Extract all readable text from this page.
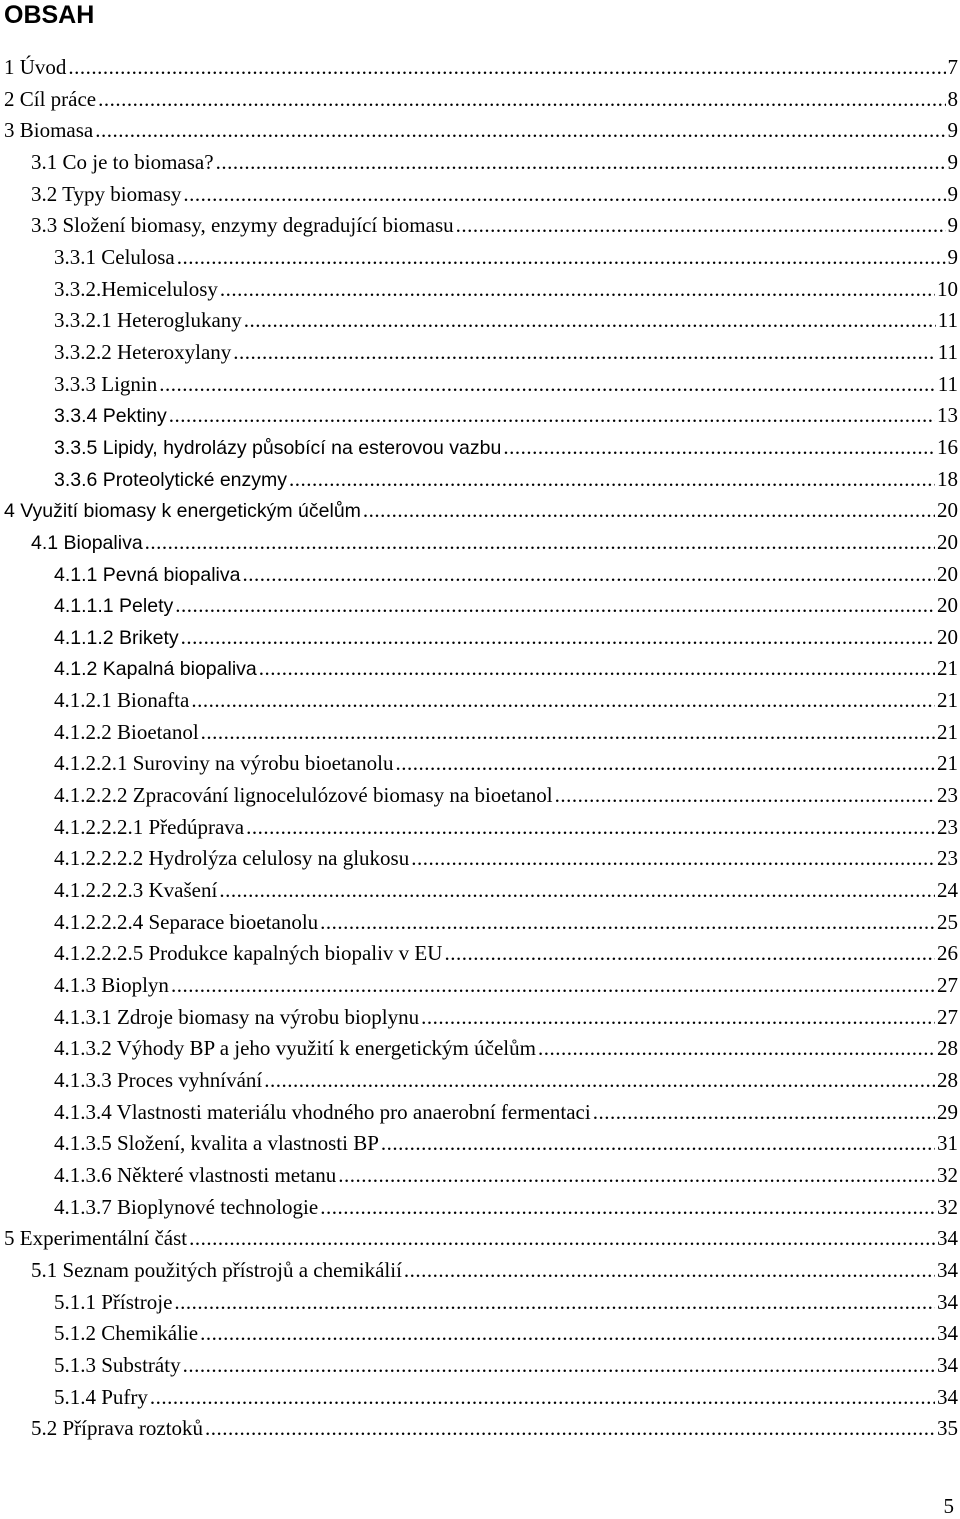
OBSAH
1 Úvod .....	7
2 Cíl práce .....	8
3 Biomasa .....	9
3.1 Co je to biomasa? .....	9
3.2 Typy biomasy .....	9
3.3 Složení biomasy, enzymy degradující biomasu .....	9
3.3.1 Celulosa .....	9
3.3.2.Hemicelulosy .....	10
3.3.2.1 Heteroglukany .....	11
3.3.2.2 Heteroxylany .....	11
3.3.3 Lignin .....	11
3.3.4 Pektiny .....	13
3.3.5 Lipidy, hydrolázy působící na esterovou vazbu .....	16
3.3.6 Proteolytické enzymy .....	18
4 Využití biomasy k energetickým účelům .....	20
4.1 Biopaliva .....	20
4.1.1 Pevná biopaliva .....	20
4.1.1.1 Pelety .....	20
4.1.1.2 Brikety .....	20
4.1.2 Kapalná biopaliva .....	21
4.1.2.1 Bionafta .....	21
4.1.2.2 Bioetanol .....	21
4.1.2.2.1 Suroviny na výrobu bioetanolu .....	21
4.1.2.2.2 Zpracování lignocelulózové biomasy na bioetanol .....	23
4.1.2.2.2.1 Předúprava .....	23
4.1.2.2.2.2 Hydrolýza celulosy na glukosu .....	23
4.1.2.2.2.3 Kvašení .....	24
4.1.2.2.2.4 Separace bioetanolu .....	25
4.1.2.2.2.5 Produkce kapalných biopaliv v EU .....	26
4.1.3 Bioplyn .....	27
4.1.3.1 Zdroje biomasy na výrobu bioplynu .....	27
4.1.3.2 Výhody BP a jeho využití k energetickým účelům .....	28
4.1.3.3 Proces vyhnívání .....	28
4.1.3.4 Vlastnosti materiálu vhodného pro anaerobní fermentaci .....	29
4.1.3.5 Složení, kvalita a vlastnosti BP .....	31
4.1.3.6 Některé vlastnosti metanu .....	32
4.1.3.7 Bioplynové technologie .....	32
5 Experimentální část .....	34
5.1 Seznam použitých přístrojů a chemikálií .....	34
5.1.1 Přístroje .....	34
5.1.2 Chemikálie .....	34
5.1.3 Substráty .....	34
5.1.4 Pufry .....	34
5.2 Příprava roztoků .....	35
5
